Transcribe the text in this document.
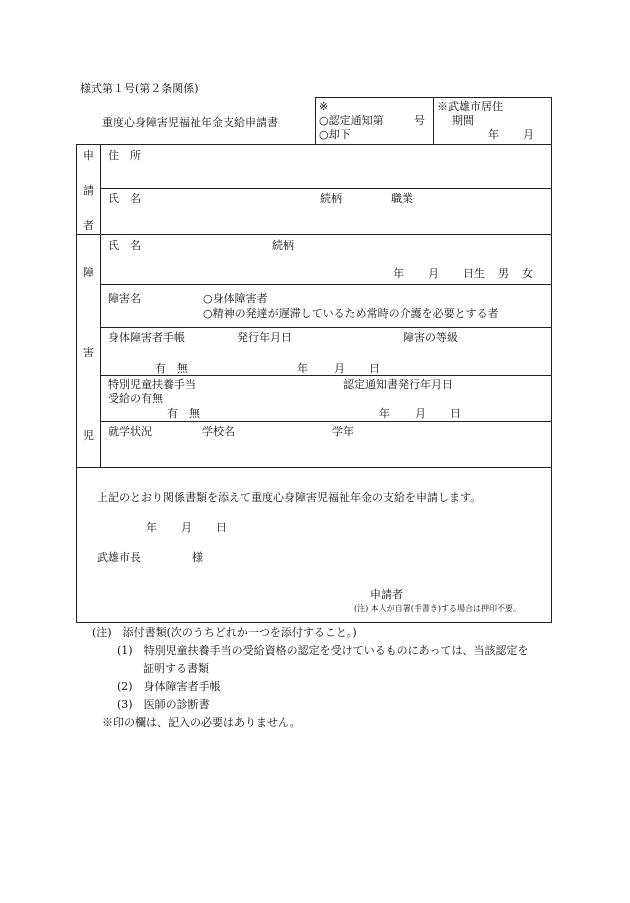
様式第１号(第２条関係)
重度心身障害児福祉年金支給申請書
※
○認定通知第	号
○却下
※武雄市居住
期間
年 月
申
請
者
住　所
氏　名	続柄	職業
障
害
児
氏　名	続柄
年 月 日生 男 女
障害名	○身体障害者
○精神の発達が遅滞しているため常時の介護を必要とする者
身体障害者手帳	発行年月日	障害の等級
有　無	年 月 日
特別児童扶養手当
受給の有無
認定通知書発行年月日
有　無	年 月 日
就学状況	学校名	学年
上記のとおり関係書類を添えて重度心身障害児福祉年金の支給を申請します。
年 月 日
武雄市長	様
申請者
(注) 本人が自署(手書き)する場合は押印不要。
(注)　添付書類(次のうちどれか一つを添付すること。)
(1)　特別児童扶養手当の受給資格の認定を受けているものにあっては、当該認定を
証明する書類
(2)　身体障害者手帳
(3)　医師の診断書
※印の欄は、記入の必要はありません。
